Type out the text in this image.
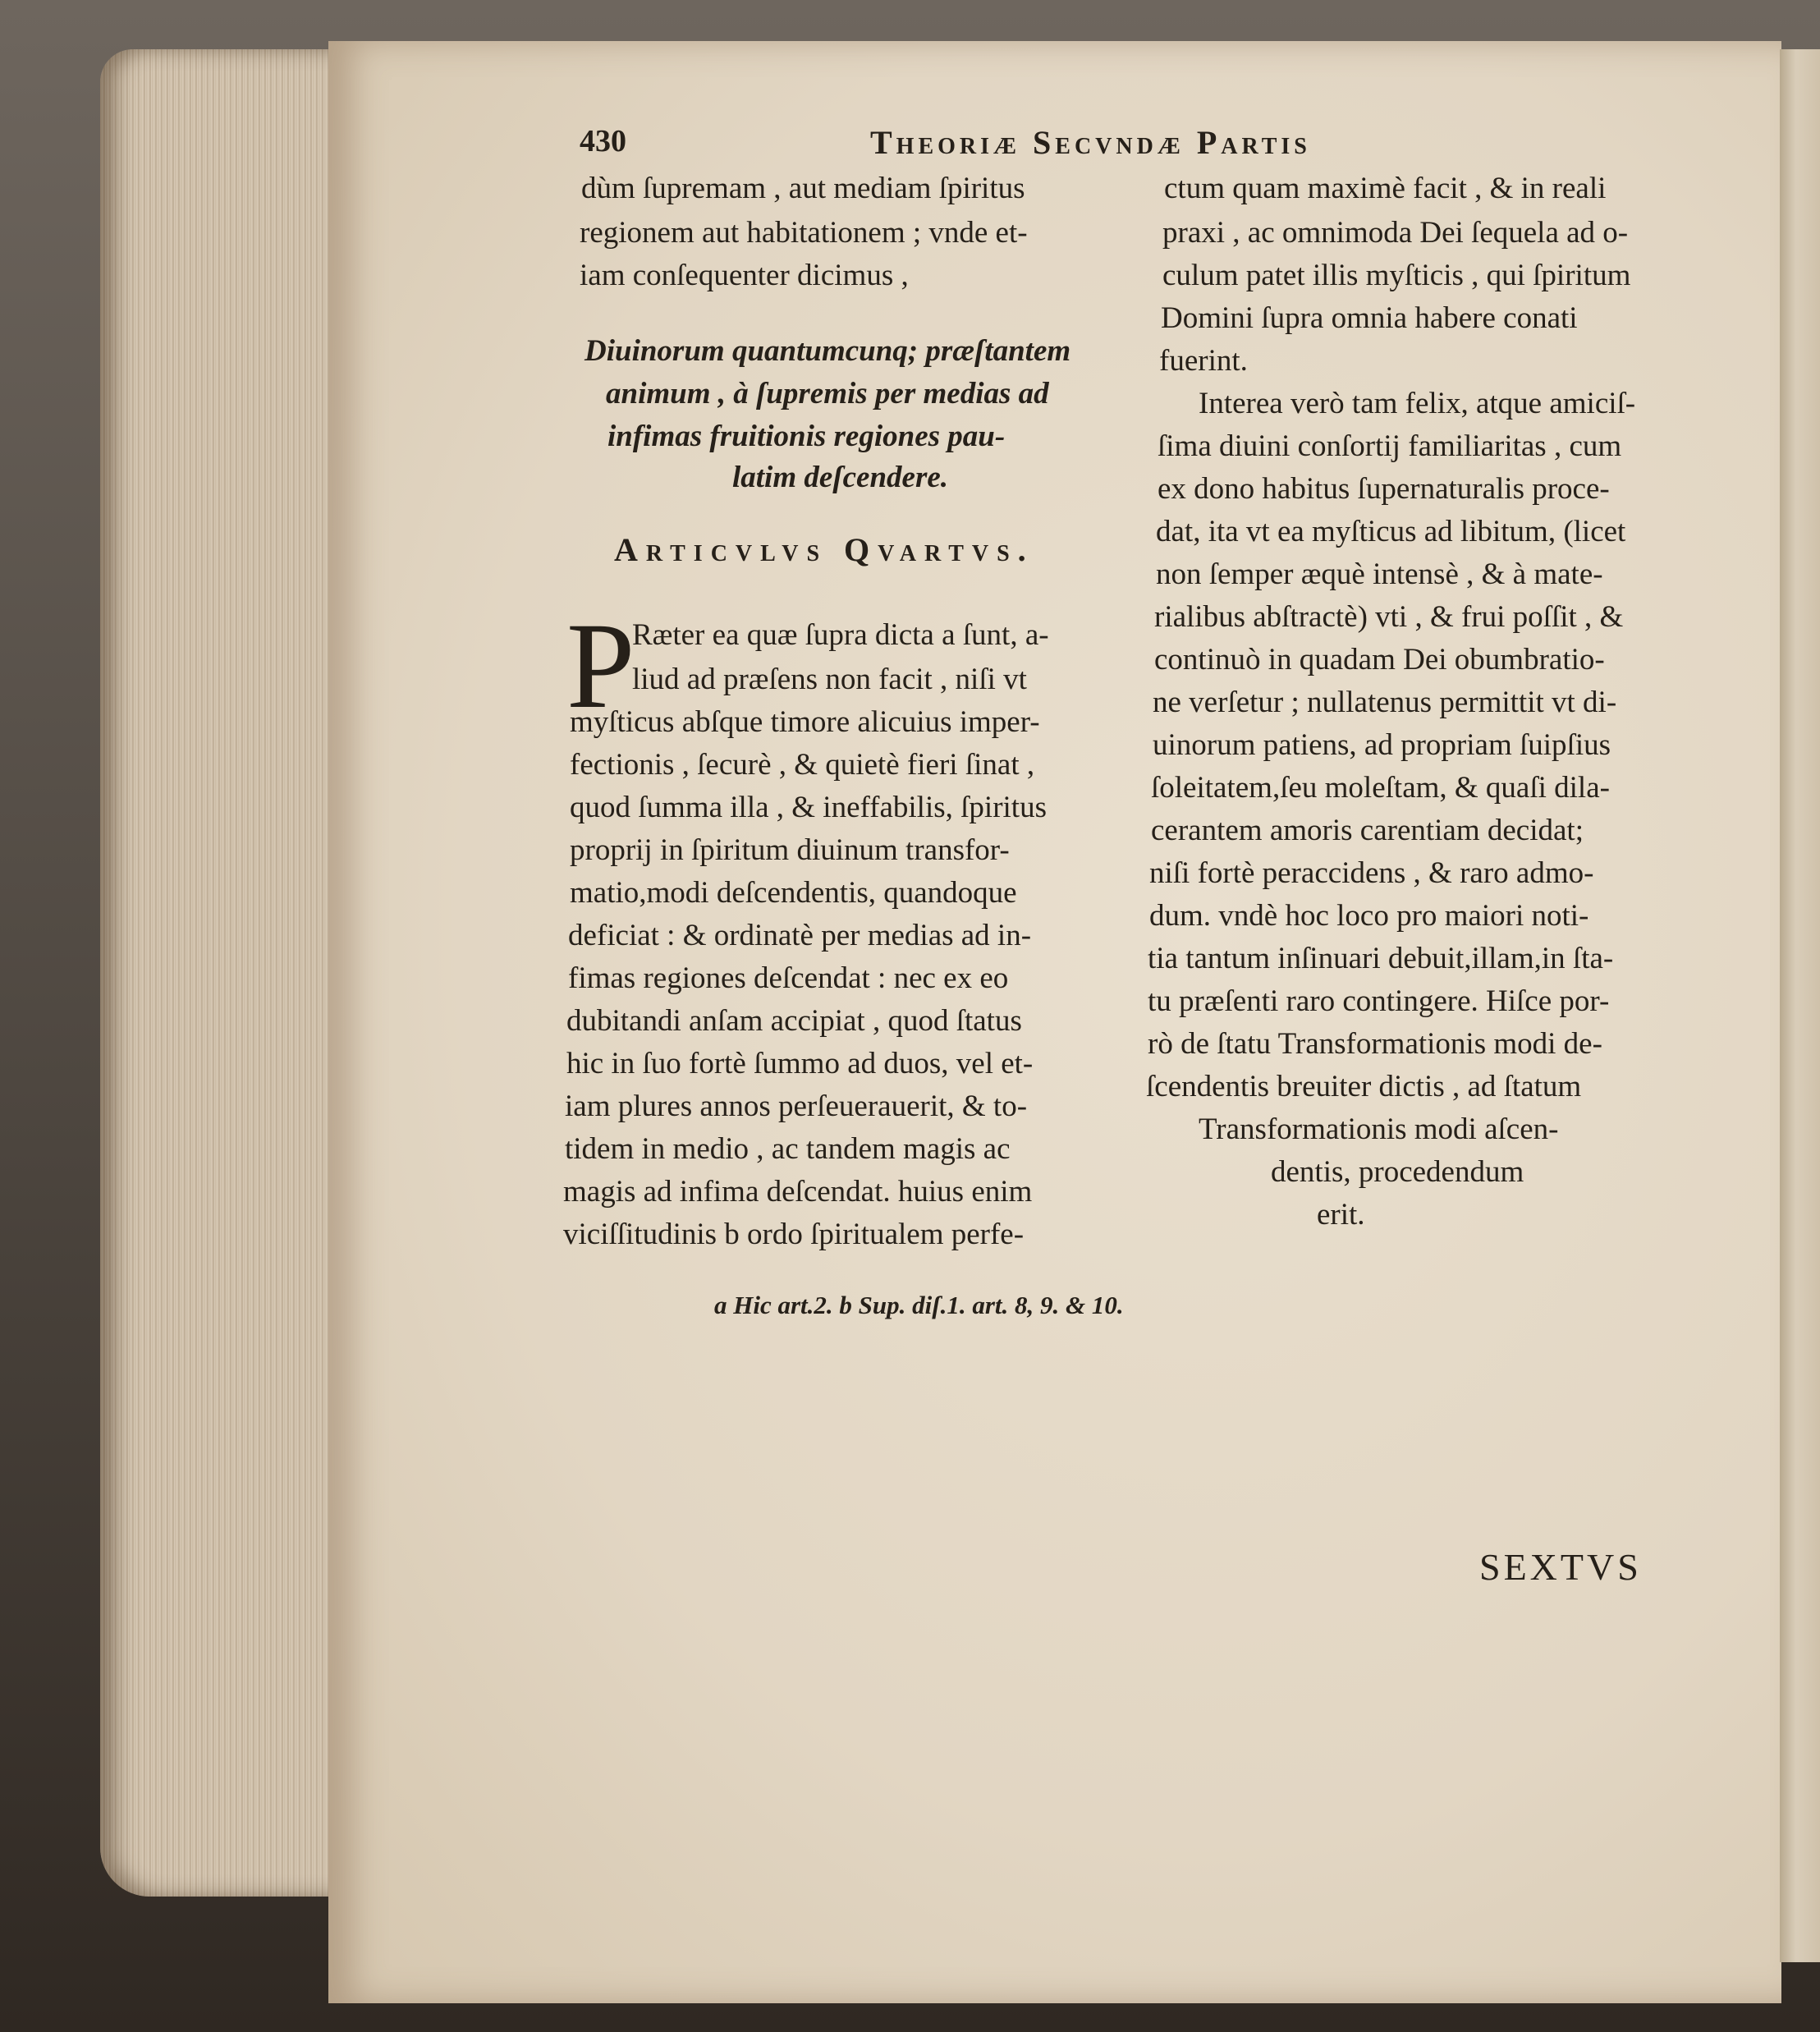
430	Theoriæ Secvndæ Partis
dùm ſupremam , aut mediam ſpiritus
regionem aut habitationem ; vnde et-
iam conſequenter dicimus ,
Diuinorum quantumcunq; præſtantem
animum , à ſupremis per medias ad
infimas fruitionis regiones pau-
latim deſcendere.
Articvlvs Qvartvs.
P
Ræter ea quæ ſupra dicta a ſunt, a-
liud ad præſens non facit , niſi vt
myſticus abſque timore alicuius imper-
fectionis , ſecurè , & quietè fieri ſinat ,
quod ſumma illa , & ineffabilis, ſpiritus
proprij in ſpiritum diuinum transfor-
matio,modi deſcendentis, quandoque
deficiat : & ordinatè per medias ad in-
fimas regiones deſcendat : nec ex eo
dubitandi anſam accipiat , quod ſtatus
hic in ſuo fortè ſummo ad duos, vel et-
iam plures annos perſeuerauerit, & to-
tidem in medio , ac tandem magis ac
magis ad infima deſcendat. huius enim
viciſſitudinis b ordo ſpiritualem perfe-
ctum quam maximè facit , & in reali
praxi , ac omnimoda Dei ſequela ad o-
culum patet illis myſticis , qui ſpiritum
Domini ſupra omnia habere conati
fuerint.
Interea verò tam felix, atque amiciſ-
ſima diuini conſortij familiaritas , cum
ex dono habitus ſupernaturalis proce-
dat, ita vt ea myſticus ad libitum, (licet
non ſemper æquè intensè , & à mate-
rialibus abſtractè) vti , & frui poſſit , &
continuò in quadam Dei obumbratio-
ne verſetur ; nullatenus permittit vt di-
uinorum patiens, ad propriam ſuipſius
ſoleitatem,ſeu moleſtam, & quaſi dila-
cerantem amoris carentiam decidat;
niſi fortè peraccidens , & raro admo-
dum. vndè hoc loco pro maiori noti-
tia tantum inſinuari debuit,illam,in ſta-
tu præſenti raro contingere. Hiſce por-
rò de ſtatu Transformationis modi de-
ſcendentis breuiter dictis , ad ſtatum
Transformationis modi aſcen-
dentis, procedendum
erit.
a Hic art.2. b Sup. diſ.1. art. 8, 9. & 10.
SEXTVS
